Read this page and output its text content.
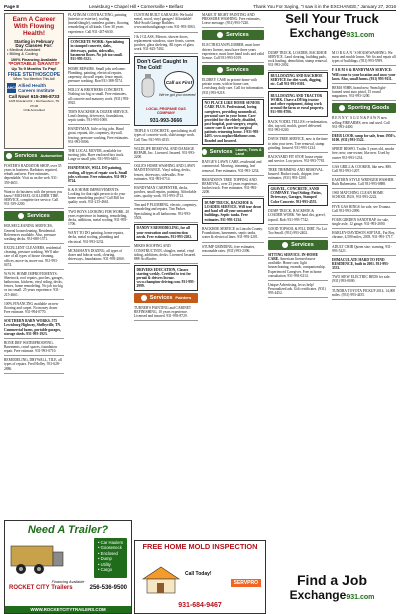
Page 8	Lewisburg • Chapel Hill • Cornersville • Belfast	Thank You For Saying, "I saw it in the EXCHANGE," January 27, 2016
Earn A Career With Flowing Health!
Starting in February
Day Classes For:
• Medical Assistant
• Billing & Coding
100% Financing Available
*PORTABLE GRANTS*
Up To 9 Months To Pay!
FREE STETHOSCOPE
When You Mention This Ad!
AHCI Allied Health Careers Institute
Call Now! 615-396-8733
1225 Dixieland Dr. • Murfreesboro, TN 37130
COE Accredited
Services Automotive
FOSTER'S RADIATOR SHOP, over 35 years in business. Radiators repaired, rebuilt and new. Free estimates, dependable. Visit us on the web. 931-359-4651.
Want to do business with the person you know? MICHAEL GOLLIHER TIRE SERVICE, complete tire service. Call 931-359-2200.
Services
HOUSECLEANING SERVICES, General housecleaning, Residential. References available. Also, pressure washing decks. 931-680-1571.
EXCELLENT CLEANERS, residential cleaning, pressure washing. We'll take care of all types of house cleaning, offices, move-in, move-out. 931-993-0474.
W.W.W. HOME IMPROVEMENTS: Sheetrock, roof repairs, porches, garages, bathrooms, kitchens, vinyl siding, decks, fences, home remodeling. No job too big or too small. 25 years experience. 931-215-4661.
100% FINANCING available on new flooring and carpet. No money down. Free estimate. 931-994-0770.
SOUTHERN BARN WORKS. 575 Lewisburg Highway, Shelbyville, TN. Commercial barns, portable garages, storage sheds. 931-993-1923.
BONE DRY WATERPROOFING. Basements, crawl spaces, foundation repair. Free estimate. 931-993-0710.
REMODELING, DRYWALL, TILE, all types of repairs. Fred Holley. 931-628-2886.
Need A Trailer?
• Car Haulers
• Gooseneck
• Enclosed
• Dump
• Utility
• Cargo
Financing Available
ROCKET CITY Trailers	256-536-9500
WWW.ROCKETCITYTRAILERS.COM
PLATINUM CONTRACTING, painting (interior or exterior), roofing (metal/shingle), seamless gutters, flooring, remodeling of all kinds. Over 30 years experience. Call 931-437-6630.
CONCRETE WORK: Specializing in stamped concrete, slabs, driveways, patios, sidewalks, basement floors. No job too small. 931-993-5521.
HOME REPAIRS. Small jobs welcome. Plumbing, painting, electrical repairs, carpentry, drywall repair, fence repair, pressure washing. Ron 931-388-5574.
HOLLY & BROTHERS CONCRETE. Nothing too big or small. Free estimates, all concrete and masonry work. (931) 993-0925.
TIM'S BACKHOE & DOZER SERVICE. Land clearing, driveways, foundations, septic tanks. 931-993-1000.
HANDYMAN, little or big jobs. Hand grout, repaint, tile, carpentry, drywall, fencing, pressure washing. Free estimates. 931-993-0006.
THE LOCAL MOVER, available for moving jobs. Have enclosed box truck. Large or small jobs. 931-993-6401.
HANDYMAN, WILL DO painting, roofing, all types of repair work. Small jobs welcome. Free estimates. 931-993-0724.
K & R HOME IMPROVEMENTS: Looking for that right person to do your home remodeling project? Call Bill for quality work. 931-215-4661.
TWO BOYS LOOKING FOR WORK. 20 years experience in framing, remodeling, decks, additions, metal roofing. 931-993-1706.
WANT TO DO painting, home repairs, decks, metal roofing, plumbing and electrical. 931-993-3232.
MCMAHAN'S DOZING, all types of dozer and bobcat work, clearing, driveways, foundations. 931-993-2060.
CUSTOM BUILT GARAGES: We build metal, wood, vinyl garages! Affordable! Mid-South Garage Builders. www.midsouthgarage.com. 931-993-3063.
J & J GLASS, Mirrors, shower doors, replacement windows, store fronts, screen porches, glass shelving. All types of glass work. 931-625-7402.
Don't Get Caught In The Cold!
Call us First
We've got you covered
LOCAL PROPANE GAS COMPANY
931-993-3666
TRIPLE S CONCRETE, specializing in all types of concrete work, slab/storage work. Call Tim: 931-993-4535.
WILDLIFE REMOVAL AND DAMAGE REPAIR, Inc. Licensed. Insured. 931-993-2200.
OGLE'S HOME WASHING AND LAWN MAINTENANCE. Vinyl siding, decks, fences, driveways, sidewalks. Free estimates. 931-993-0714.
HANDYMAN CARPENTER, decks, porches, small repairs, painting. Affordable rates, quality work. 931-993-4712.
Tim and P PLUMBING, electric, carpentry, remodeling and repairs. Tim Parker. Specializing in all bathrooms. 931-993-5503.
DANDY'S REMODELING, for all your renovation and construction needs. Free estimates. 931-993-2202.
MIKES ROOFING AND CONSTRUCTION, shingles, metal, vinyl siding, additions, decks. Licensed. Insured. 888-AccRoofer.
DRIVERS EDUCATION, Classes starting weekly. Certified to test for permit & drivers license. www.champion-driving.com. 931-993-2999.
Services Painters
TURNER'S PAINTING and CABINET REFINISHING, 10 years experience. Licensed and insured. 931-993-8729.
MAKE IT RIGHT PAINTING AND PRESSURE WASHING. Free estimates, Leave message. (931) 993-7220.
Services
ELECTRICIAN/PLUMBER, must have drivers license, must have three years experience, must have hand tools and valid license. Call 931-993-1019.
Services
ELDREY CASE in private home with private room, with in-home care, Lewisburg daily care. Call for information. (931) 993-9218.
NO PLACE LIKE HOME SENIOR CARE PLUS. Professional, loving caregivers, providing nonmedical, personal care in your home. Care provided for the elderly, disabled, post-hospital, post-surgery, respite, cancer care & care for surgical patients returning home. 1-931-993-4403. www.noplacelikehome.com. Bonded and Insured.
Services Lawns, Trees & Land
RAYGE'S LAWN CARE, residential and commercial. Mowing, trimming, leaf removal. Free estimates. 931-993-1234.
BRANDON'S TREE TOPPING AND REMOVAL, over 23 years experience, bucket truck. Free estimates. 931-993-2200.
DUMP TRUCK, BACKHOE & LOADER SERVICE. Will tear down and haul off all your unwanted buildings. Septic tanks. Free estimates. 931-993-1234.
BACKHOE SERVICE in Lincoln County. Foundations, basements, septic tanks, water & electrical lines. 931-993-2201.
STUMP GRINDING, free estimates, reasonable rates. (931) 993-2396.
FREE HOME MOLD INSPECTION
Call Today!
SERVPRO
931-684-9467
Sell Your Truck
Exchange931.com
DUMP TRUCK, LOADER, BACKHOE SERVICE. Land clearing, building pads, rock hauling, demolition, stump removal. 931-993-2002.
BULLDOZING AND BACKHOE SERVICE for dirt work, digging, etc. Call 931-993-0301.
BULLDOZING AND TRACTOR WORK. I have a D8 big tractor and other equipment, doing work around the farm or rural property. 931-993-8706.
BACK YODEL TELLES: re-indentation, dirt, top soil, mulch, gravel delivered. 931-993-0240.
DAVIS TREE SERVICE, now is the time to trim your trees. Tree removal, stump grinding. Insured. 931-993-1234.
BACKYARD PIT STOP, house repair and service. Low prices. 931-993-7781.
TREE TRIMMING AND REMOVAL. Insured. Bucket truck, chipper, free estimates. (931) 993-1200.
GRAVEL, CONCRETE, SAND COMPANY. Vinyl Siding: Patios, Driveways, Garages, Stamped Color Concrete. 931-993-4555.
DUMP TRUCK, BACKHOE & LOADER WORK. We haul dirt, gravel, topsoil. Rob: 931-993-7742.
GOOD TOPSOIL & FILL DIRT. No Lot Too Small. (931) 993-2402.
Services
SITTING SERVICE. IN-HOME CARE. American licensed nurse available. Home care, light housecleaning, errands, companionship. Experienced Caregiver. Free in home consultation. 931-993-0214.
Unique Advertising, let us help! Personalized ads. Gift certificates. (931) 993-4452.
M O R G A N ' S HOUSEWASHING: We mow and mulch lawns. We fix and repair all types of buildings. (931) 993-5599.
F A R M S & HANDYMAN SERVICE: Will come to your location and mow your lawn. Also, small farms. (931) 993-9111.
BEMA 95HB, brand new, 9mm light-framed semi auto pistol, 15 round magazines. 931-993-1200.
Sporting Goods
B E N N Y ' S G U N & P A W N now selling FIREARMS, new and used. Call 931-993-4400.
DEER LOOK camp for sale, from 1950's. $100. (931) 993-5522.
SPIRIT RESPO. Trailer 3 years old, smoke free; new, one-owner, like new. Used by owner 931-993-1234.
GAS GRILL & COOKER, like new. $80. Call 931-993-1207.
EASTERN STYLE WRINGER WASHER. Ruth Rubenstein. Call 931-993-0888.
1965 MATCHING CLEAN HOME SCHOOL BUS. 931-993-2222.
FIVE GAS RINGS for sale, see Uvanna. Call 931-993-2090.
FOUR GIRDEN SANDTRAP, for sale, single axle, 12 gauge. 931-993-2000.
HARLEY-DAVIDSON SOFTAIL, Fat Boy, chrome, 4,500 miles, 2003. 931-993-1717.
ADULT CRIB Queen size, warning. 931-993-5221.
IMMACULATE HARD TO FIND RESIDENCE, built in 2001. 931-993-3333.
TWO SIEW ELECTRIC BEDS for sale. (931) 993-0000.
TUNDRA TOYOTA PICKUP 2014, 14,000 miles. (931) 993-4455.
Find a Job
Exchange931.com
